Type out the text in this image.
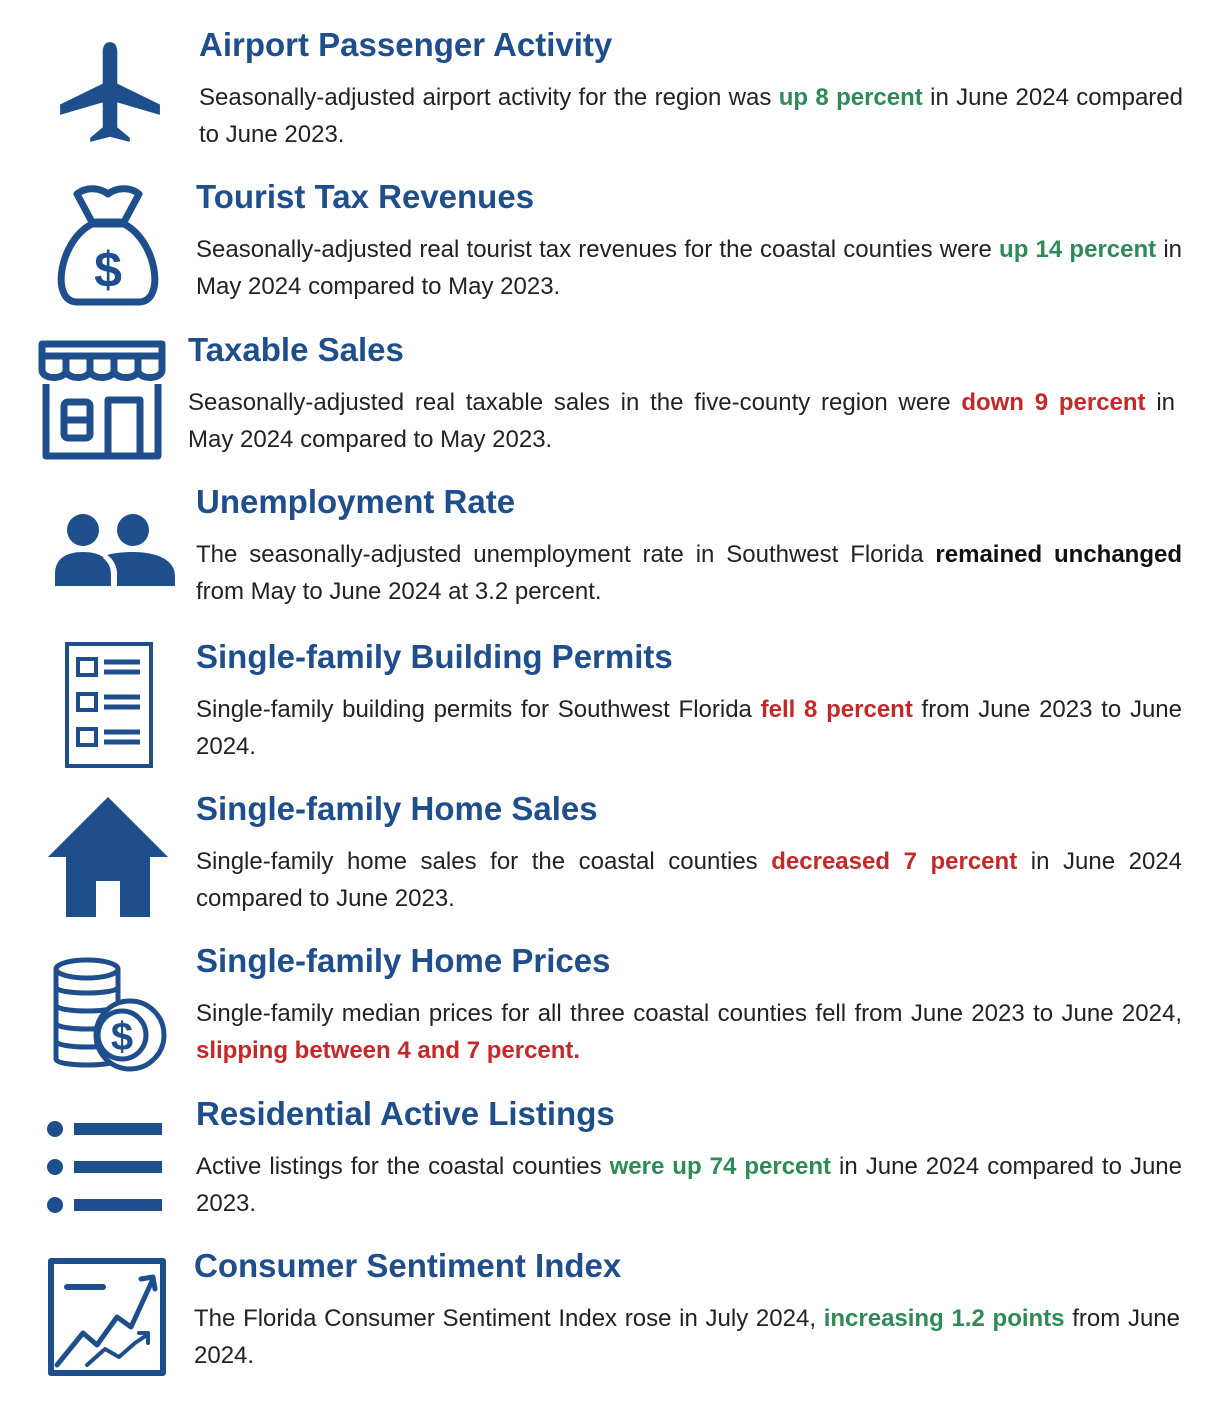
Airport Passenger Activity

Seasonally-adjusted airport activity for the region was up 8 percent in June 2024 compared to June 2023.

$
Tourist Tax Revenues

Seasonally-adjusted real tourist tax revenues for the coastal counties were up 14 percent in May 2024 compared to May 2023.

Taxable Sales

Seasonally-adjusted real taxable sales in the five-county region were down 9 percent in May 2024 compared to May 2023.

Unemployment Rate

The seasonally-adjusted unemployment rate in Southwest Florida remained unchanged from May to June 2024 at 3.2 percent.

Single-family Building Permits

Single-family building permits for Southwest Florida fell 8 percent from June 2023 to June 2024.

Single-family Home Sales

Single-family home sales for the coastal counties decreased 7 percent in June 2024 compared to June 2023.

$
Single-family Home Prices

Single-family median prices for all three coastal counties fell from June 2023 to June 2024, slipping between 4 and 7 percent.

Residential Active Listings

Active listings for the coastal counties were up 74 percent in June 2024 compared to June 2023.

Consumer Sentiment Index

The Florida Consumer Sentiment Index rose in July 2024, increasing 1.2 points from June 2024.
